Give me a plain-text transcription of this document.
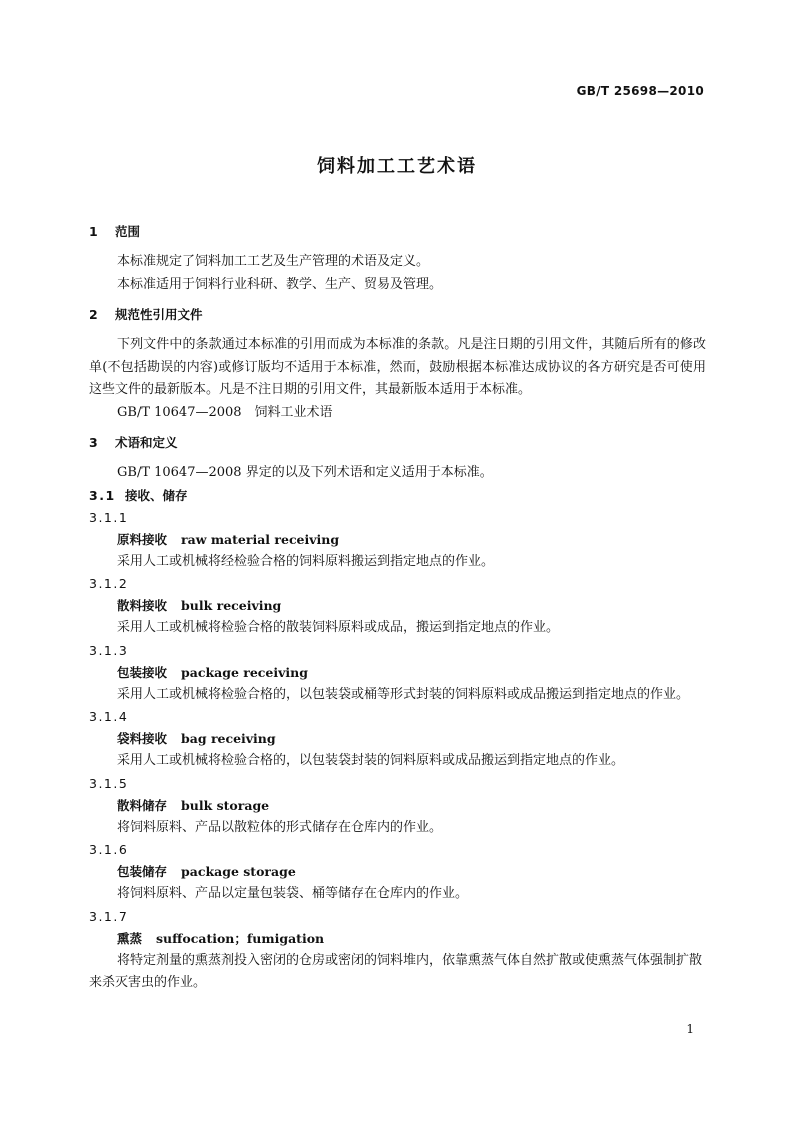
GB/T 25698—2010
饲料加工工艺术语
1 范围

本标准规定了饲料加工工艺及生产管理的术语及定义。

本标准适用于饲料行业科研、教学、生产、贸易及管理。

2 规范性引用文件

下列文件中的条款通过本标准的引用而成为本标准的条款。凡是注日期的引用文件，其随后所有的修改单(不包括勘误的内容)或修订版均不适用于本标准，然而，鼓励根据本标准达成协议的各方研究是否可使用这些文件的最新版本。凡是不注日期的引用文件，其最新版本适用于本标准。

GB/T 10647—2008　饲料工业术语

3 术语和定义

GB/T 10647—2008 界定的以及下列术语和定义适用于本标准。

3.1 接收、储存
3.1.1
原料接收 raw material receiving

采用人工或机械将经检验合格的饲料原料搬运到指定地点的作业。

3.1.2
散料接收 bulk receiving

采用人工或机械将检验合格的散装饲料原料或成品，搬运到指定地点的作业。

3.1.3
包装接收 package receiving

采用人工或机械将检验合格的，以包装袋或桶等形式封装的饲料原料或成品搬运到指定地点的作业。

3.1.4
袋料接收 bag receiving

采用人工或机械将检验合格的，以包装袋封装的饲料原料或成品搬运到指定地点的作业。

3.1.5
散料储存 bulk storage

将饲料原料、产品以散粒体的形式储存在仓库内的作业。

3.1.6
包装储存 package storage

将饲料原料、产品以定量包装袋、桶等储存在仓库内的作业。

3.1.7
熏蒸 suffocation；fumigation

将特定剂量的熏蒸剂投入密闭的仓房或密闭的饲料堆内，依靠熏蒸气体自然扩散或使熏蒸气体强制扩散来杀灭害虫的作业。

1
